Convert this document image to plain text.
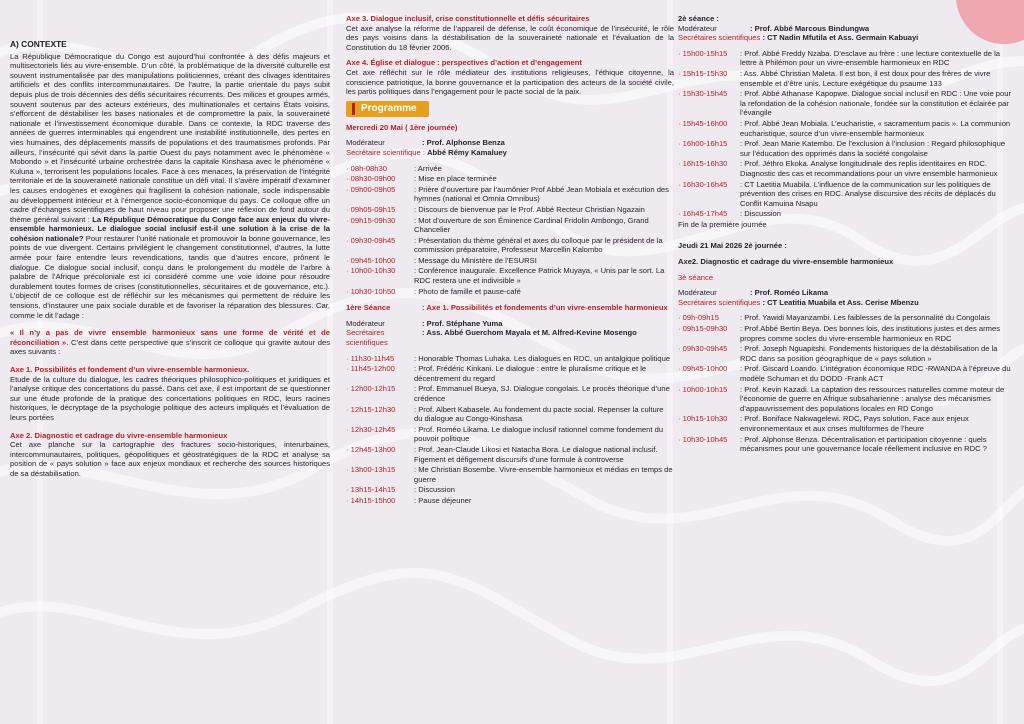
A) CONTEXTE

La République Démocratique du Congo est aujourd’hui confrontée à des défis majeurs et multisectoriels liés au vivre-ensemble. D’un côté, la problématique de la diversité culturelle est souvent instrumentalisée par des manipulations politiciennes, créant des clivages identitaires artificiels et des conflits intercommunautaires. De l’autre, la partie orientale du pays subit depuis plus de trois décennies des défis sécuritaires récurrents. Des milices et groupes armés, souvent soutenus par des acteurs extérieurs, des multinationales et certains États voisins, s’efforcent de déstabiliser les bases nationales et de compromettre la paix, la souveraineté nationale et l’investissement économique durable. Dans ce contexte, la RDC traverse des années de guerres interminables qui engendrent une instabilité institutionnelle, des pertes en vies humaines, des déplacements massifs de populations et des traumatismes profonds. Par ailleurs, l’insécurité qui sévit dans la partie Ouest du pays notamment avec le phénomène « Mobondo » et l’insécurité urbaine orchestrée dans la capitale Kinshasa avec le phénomène « Kuluna », terrorisent les populations locales. Face à ces menaces, la préservation de l’intégrité territoriale et de la souveraineté nationale constitue un défi vital. Il s’avère impératif d’examiner les causes endogènes et exogènes qui fragilisent la cohésion nationale, socle indispensable au développement intérieur et à l’émergence socio-économique du pays. Ce colloque offre un cadre d’échanges scientifiques de haut niveau pour proposer une réflexion de fond autour du thème général suivant : La République Démocratique du Congo face aux enjeux du vivre-ensemble harmonieux. Le dialogue social inclusif est-il une solution à la crise de la cohésion nationale? Pour restaurer l’unité nationale et promouvoir la bonne gouvernance, les points de vue divergent. Certains privilégient le changement constitutionnel, d’autres, la lutte armée pour faire entendre leurs revendications, tandis que d’autres encore, prônent le dialogue. Ce dialogue social inclusif, conçu dans le prolongement du modèle de l’arbre à palabre de l’Afrique précoloniale est ici considéré comme une voie idoine pour résoudre durablement toutes formes de crises (constitutionnelles, sécuritaires et de gouvernance, etc.). L’objectif de ce colloque est de réfléchir sur les mécanismes qui permettent de réduire les tensions, d’instaurer une paix sociale durable et de favoriser la réparation des blessures. Car, comme le dit l’adage :

« Il n’y a pas de vivre ensemble harmonieux sans une forme de vérité et de réconciliation ». C’est dans cette perspective que s’inscrit ce colloque qui gravite autour des axes suivants :

Axe 1. Possibilités et fondement d’un vivre-ensemble harmonieux.

Etude de la culture du dialogue, les cadres théoriques philosophico-politiques et juridiques et l’analyse critique des concertations du passé. Dans cet axe, il est important de se questionner sur une étude profonde de la pratique des concertations politiques en RDC, leurs racines historiques, le décryptage de la psychologie politique des acteurs impliqués et l’évaluation de leurs portées

Axe 2. Diagnostic et cadrage du vivre-ensemble harmonieux

Cet axe planche sur la cartographie des fractures socio-historiques, interurbaines, intercommunautaires, politiques, géopolitiques et géostratégiques de la RDC et analyse sa position de « pays solution » face aux enjeux mondiaux et recherche des sources historiques de sa déstabilisation.

Axe 3. Dialogue inclusif, crise constitutionnelle et défis sécuritaires

Cet axe analyse la réforme de l’appareil de défense, le coût économique de l’insécurité, le rôle des pays voisins dans la déstabilisation de la souveraineté nationale et l’évaluation de la Constitution du 18 février 2006.

Axe 4. Église et dialogue : perspectives d’action et d’engagement

Cet axe réfléchit sur le rôle médiateur des institutions religieuses, l’éthique citoyenne, la conscience patriotique, la bonne gouvernance et la participation des acteurs de la société civile, les partis politiques dans l’engagement pour le pacte social de la paix.

Programme
Mercredi 20 Mai ( 1ère journée)
Modérateur	: Prof. Alphonse Benza
Secrétaire scientifique :
Abbé Rémy Kamaluey
· 08h-08h30	: Arrivée
· 08h30-09h00	: Mise en place terminée
· 09h00-09h05	: Prière d’ouverture par l’aumônier Prof Abbé Jean Mobiala et exécution des hymnes (national et Omnia Omnibus)
· 09h05-09h15	: Discours de bienvenue par le Prof. Abbé Recteur Christian Ngazain
· 09h15-09h30	: Mot d’ouverture de son Éminence Cardinal Fridolin Ambongo, Grand Chancelier
· 09h30-09h45	: Présentation du thème général et axes du colloque par le président de la commission préparatoire, Professeur Marcellin Kalombo
· 09h45-10h00	: Message du Ministère de l’ESURSI
· 10h00-10h30	: Conférence inaugurale. Excellence Patrick Muyaya, « Unis par le sort. La RDC restera une et indivisible »
· 10h30-10h50	: Photo de famille et pause-café
1ère Séance	: Axe 1. Possibilités et fondements d’un vivre-ensemble harmonieux
Modérateur	: Prof. Stéphane Yuma
Secrétaires scientifiques
: Ass. Abbé Guerchom Mayala et M. Alfred-Kevine Mosengo
· 11h30-11h45	: Honorable Thomas Luhaka. Les dialogues en RDC, un antalgique politique
· 11h45-12h00	: Prof. Frédéric Kinkani. Le dialogue : entre le pluralisme critique et le décentrement du regard
· 12h00-12h15	: Prof. Emmanuel Bueya, SJ. Dialogue congolais. Le procès théorique d’une crédence
· 12h15-12h30	: Prof. Albert Kabasele. Au fondement du pacte social. Repenser la culture du dialogue au Congo-Kinshasa
· 12h30-12h45	: Prof. Roméo Likama. Le dialogue inclusif rationnel comme fondement du pouvoir politique
· 12h45-13h00	: Prof. Jean-Claude Likosi et Natacha Bora. Le dialogue national inclusif. Figement et défigement discursifs d’une formule à controverse
· 13h00-13h15	: Me Christian Bosembe. Vivre-ensemble harmonieux et médias en temps de guerre
· 13h15-14h15	: Discussion
· 14h15-15h00	: Pause déjeuner
2è séance :
Modérateur	: Prof. Abbé Marcous Bindungwa
Secrétaires scientifiques
: CT Nadin Mfutila et Ass. Germain Kabuayi
· 15h00-15h15	: Prof. Abbé Freddy Nzaba. D’esclave au frère : une lecture contextuelle de la lettre à Philémon pour un vivre-ensemble harmonieux en RDC
· 15h15-15h30	: Ass. Abbé Christian Maleta. Il est bon, il est doux pour des frères de vivre ensemble et d’être unis. Lecture exégétique du psaume 133
· 15h30-15h45	: Prof. Abbé Athanase Kapopwe. Dialogue social inclusif en RDC : Une voie pour la refondation de la cohésion nationale, fondée sur la constitution et éclairée par l’évangile
· 15h45-16h00	: Prof. Abbé Jean Mobiala. L’eucharistie, « sacramentum pacis ». La communion eucharistique, source d’un vivre-ensemble harmonieux
· 16h00-16h15	: Prof. Jean Marie Katembo. De l’exclusion à l’inclusion : Regard philosophique sur l’éducation des opprimés dans la société congolaise
· 16h15-16h30	: Prof. Jéthro Ekoka. Analyse longitudinale des replis identitaires en RDC. Diagnostic des cas et recommandations pour un vivre ensemble harmonieux
· 16h30-16h45	: CT Laetitia Muabila. L’influence de la communication sur les politiques de prévention des crises en RDC. Analyse discursive des récits de déplacés du Conflit Kamuina Nsapu
· 16h45-17h45	: Discussion
Fin de la première journée
Jeudi 21 Mai 2026 2è journée :
Axe2. Diagnostic et cadrage du vivre-ensemble harmonieux
3è séance
Modérateur	: Prof. Roméo Likama
Secrétaires scientifiques
: CT Leatitia Muabila et Ass. Cerise Mbenzu
· 09h-09h15	: Prof. Yawidi Mayanzambi. Les faiblesses de la personnalité du Congolais
· 09h15-09h30	: Prof.Abbé Bertin Beya. Des bonnes lois, des institutions justes et des armes propres comme socles du vivre-ensemble harmonieux en RDC
· 09h30-09h45	: Prof. Joseph Nguapitshi. Fondements historiques de la déstabilisation de la RDC dans sa position géographique de « pays solution »
· 09h45-10h00	: Prof. Giscard Loando. L’intégration économique RDC -RWANDA à l’épreuve du modèle Schuman et du DODD -Frank ACT
· 10h00-10h15	: Prof. Kevin Kazadi. La captation des ressources naturelles comme moteur de l’économie de guerre en Afrique subsaharienne : analyse des mécanismes d’appauvrissement des populations locales en RD Congo
· 10h15-10h30	: Prof. Boniface Nakwagelewi. RDC, Pays solution. Face aux enjeux environnementaux et aux crises multiformes de l’heure
· 10h30-10h45	: Prof. Alphonse Benza. Décentralisation et participation citoyenne : quels mécanismes pour une gouvernance locale réellement inclusive en RDC ?
